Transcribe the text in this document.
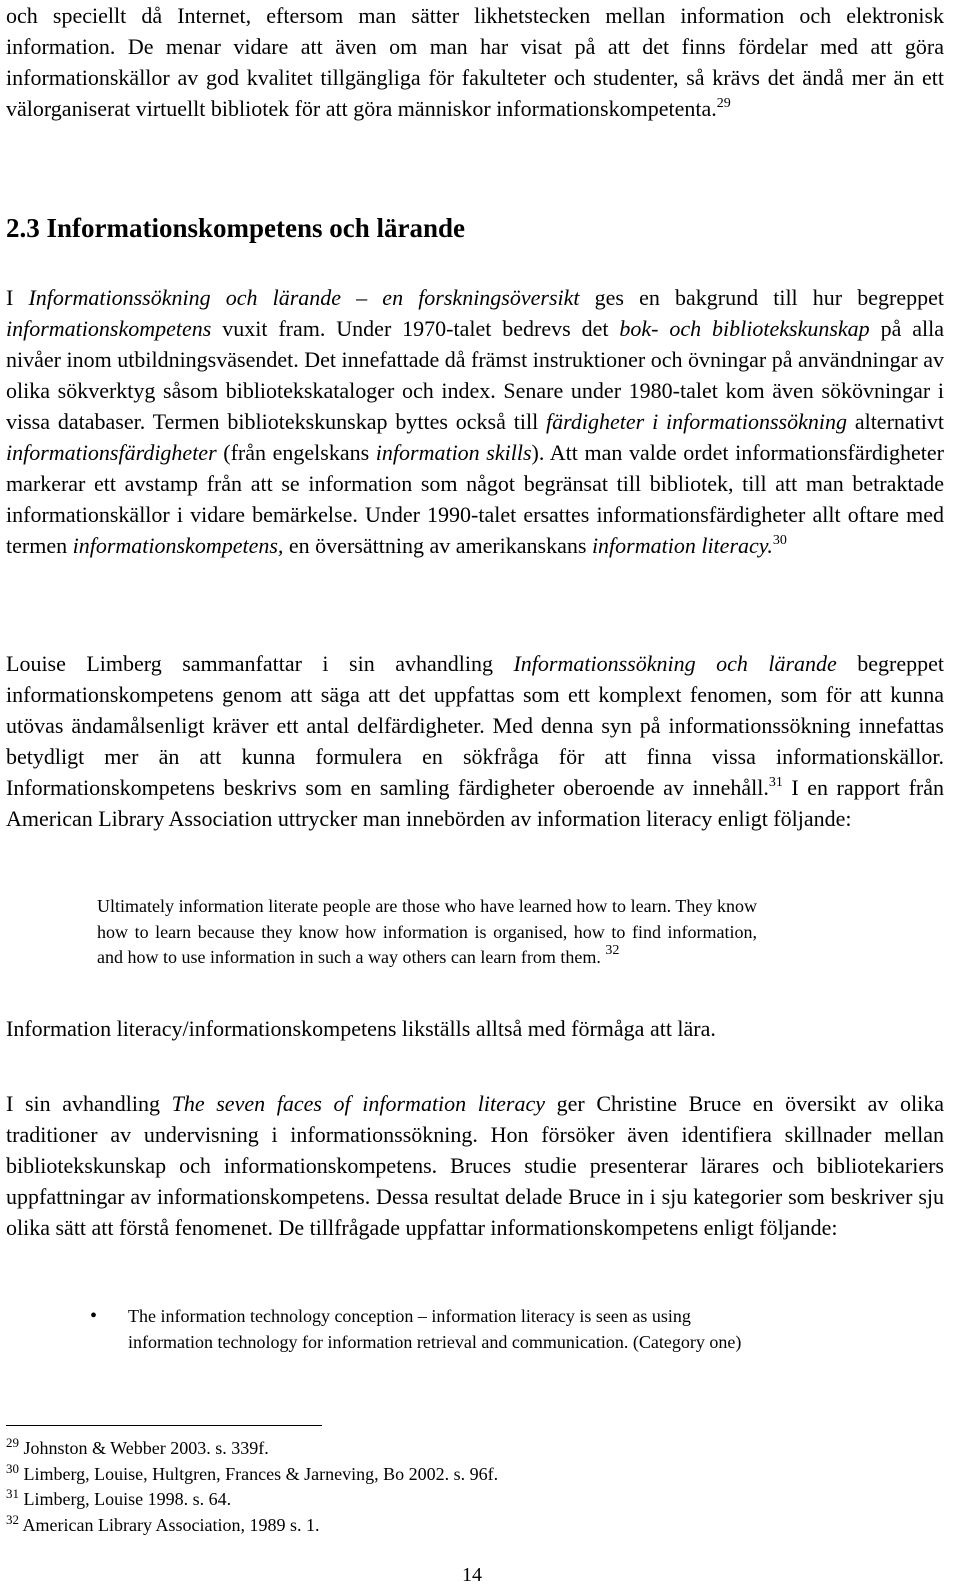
och speciellt då Internet, eftersom man sätter likhetstecken mellan information och elektronisk information. De menar vidare att även om man har visat på att det finns fördelar med att göra informationskällor av god kvalitet tillgängliga för fakulteter och studenter, så krävs det ändå mer än ett välorganiserat virtuellt bibliotek för att göra människor informationskompetenta.$^{29}$

2.3 Informationskompetens och lärande

I Informationssökning och lärande – en forskningsöversikt ges en bakgrund till hur begreppet informationskompetens vuxit fram. Under 1970-talet bedrevs det bok- och bibliotekskunskap på alla nivåer inom utbildningsväsendet. Det innefattade då främst instruktioner och övningar på användningar av olika sökverktyg såsom bibliotekskataloger och index. Senare under 1980-talet kom även sökövningar i vissa databaser. Termen bibliotekskunskap byttes också till färdigheter i informationssökning alternativt informationsfärdigheter (från engelskans information skills). Att man valde ordet informationsfärdigheter markerar ett avstamp från att se information som något begränsat till bibliotek, till att man betraktade informationskällor i vidare bemärkelse. Under 1990-talet ersattes informationsfärdigheter allt oftare med termen informationskompetens, en översättning av amerikanskans information literacy.$^{30}$

Louise Limberg sammanfattar i sin avhandling Informationssökning och lärande begreppet informationskompetens genom att säga att det uppfattas som ett komplext fenomen, som för att kunna utövas ändamålsenligt kräver ett antal delfärdigheter. Med denna syn på informationssökning innefattas betydligt mer än att kunna formulera en sökfråga för att finna vissa informationskällor. Informationskompetens beskrivs som en samling färdigheter oberoende av innehåll.$^{31}$ I en rapport från American Library Association uttrycker man innebörden av information literacy enligt följande:

Ultimately information literate people are those who have learned how to learn. They know how to learn because they know how information is organised, how to find information, and how to use information in such a way others can learn from them. $^{32}$

Information literacy/informationskompetens likställs alltså med förmåga att lära.

I sin avhandling The seven faces of information literacy ger Christine Bruce en översikt av olika traditioner av undervisning i informationssökning. Hon försöker även identifiera skillnader mellan bibliotekskunskap och informationskompetens. Bruces studie presenterar lärares och bibliotekariers uppfattningar av informationskompetens. Dessa resultat delade Bruce in i sju kategorier som beskriver sju olika sätt att förstå fenomenet. De tillfrågade uppfattar informationskompetens enligt följande:

• The information technology conception – information literacy is seen as using information technology for information retrieval and communication. (Category one)

$^{29}$ Johnston & Webber 2003. s. 339f.
$^{30}$ Limberg, Louise, Hultgren, Frances & Jarneving, Bo 2002. s. 96f.
$^{31}$ Limberg, Louise 1998. s. 64.
$^{32}$ American Library Association, 1989 s. 1.
14
